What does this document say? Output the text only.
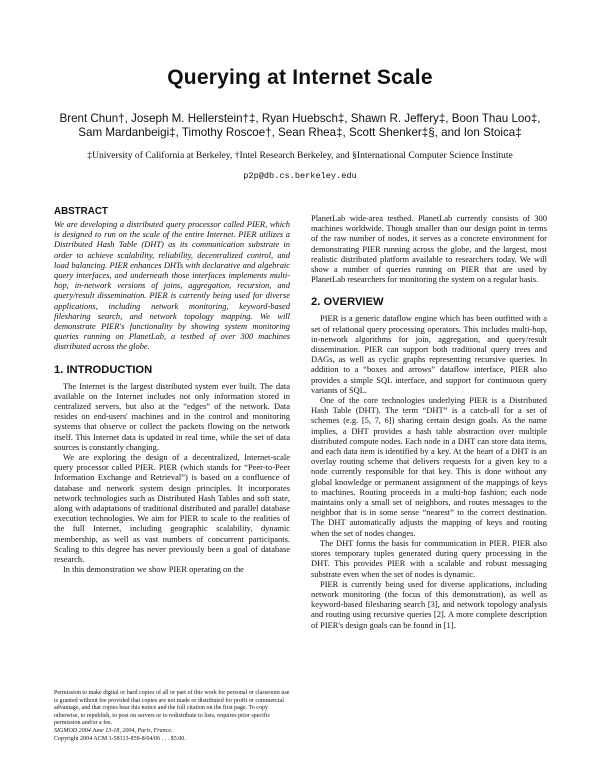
Querying at Internet Scale
Brent Chun†, Joseph M. Hellerstein†‡, Ryan Huebsch‡, Shawn R. Jeffery‡, Boon Thau Loo‡,
Sam Mardanbeigi‡, Timothy Roscoe†, Sean Rhea‡, Scott Shenker‡§, and Ion Stoica‡
‡University of California at Berkeley, †Intel Research Berkeley, and §International Computer Science Institute
p2p@db.cs.berkeley.edu
ABSTRACT

We are developing a distributed query processor called PIER, which is designed to run on the scale of the entire Internet. PIER utilizes a Distributed Hash Table (DHT) as its communication substrate in order to achieve scalability, reliability, decentralized control, and load balancing. PIER enhances DHTs with declarative and algebraic query interfaces, and underneath those interfaces implements multi-hop, in-network versions of joins, aggregation, recursion, and query/result dissemination. PIER is currently being used for diverse applications, including network monitoring, keyword-based filesharing search, and network topology mapping. We will demonstrate PIER's functionality by showing system monitoring queries running on PlanetLab, a testbed of over 300 machines distributed across the globe.

1. INTRODUCTION

The Internet is the largest distributed system ever built. The data available on the Internet includes not only information stored in centralized servers, but also at the “edges” of the network. Data resides on end-users' machines and in the control and monitoring systems that observe or collect the packets flowing on the network itself. This Internet data is updated in real time, while the set of data sources is constantly changing.

We are exploring the design of a decentralized, Internet-scale query processor called PIER. PIER (which stands for “Peer-to-Peer Information Exchange and Retrieval”) is based on a confluence of database and network system design principles. It incorporates network technologies such as Distributed Hash Tables and soft state, along with adaptations of traditional distributed and parallel database execution technologies. We aim for PIER to scale to the realities of the full Internet, including geographic scalability, dynamic membership, as well as vast numbers of concurrent participants. Scaling to this degree has never previously been a goal of database research.

In this demonstration we show PIER operating on the

PlanetLab wide-area testbed. PlanetLab currently consists of 300 machines worldwide. Though smaller than our design point in terms of the raw number of nodes, it serves as a concrete environment for demonstrating PIER running across the globe, and the largest, most realistic distributed platform available to researchers today. We will show a number of queries running on PIER that are used by PlanetLab researchers for monitoring the system on a regular basis.

2. OVERVIEW

PIER is a generic dataflow engine which has been outfitted with a set of relational query processing operators. This includes multi-hop, in-network algorithms for join, aggregation, and query/result dissemination. PIER can support both traditional query trees and DAGs, as well as cyclic graphs representing recursive queries. In addition to a “boxes and arrows” dataflow interface, PIER also provides a simple SQL interface, and support for continuous query variants of SQL.

One of the core technologies underlying PIER is a Distributed Hash Table (DHT). The term “DHT” is a catch-all for a set of schemes (e.g. [5, 7, 6]) sharing certain design goals. As the name implies, a DHT provides a hash table abstraction over multiple distributed compute nodes. Each node in a DHT can store data items, and each data item is identified by a key. At the heart of a DHT is an overlay routing scheme that delivers requests for a given key to a node currently responsible for that key. This is done without any global knowledge or permanent assignment of the mappings of keys to machines. Routing proceeds in a multi-hop fashion; each node maintains only a small set of neighbors, and routes messages to the neighbor that is in some sense “nearest” to the correct destination. The DHT automatically adjusts the mapping of keys and routing when the set of nodes changes.

The DHT forms the basis for communication in PIER. PIER also stores temporary tuples generated during query processing in the DHT. This provides PIER with a scalable and robust messaging substrate even when the set of nodes is dynamic.

PIER is currently being used for diverse applications, including network monitoring (the focus of this demonstration), as well as keyword-based filesharing search [3], and network topology analysis and routing using recursive queries [2]. A more complete description of PIER's design goals can be found in [1].

Permission to make digital or hard copies of all or part of this work for personal or classroom use is granted without fee provided that copies are not made or distributed for profit or commercial advantage, and that copies bear this notice and the full citation on the first page. To copy otherwise, to republish, to post on servers or to redistribute to lists, requires prior specific permission and/or a fee.

SIGMOD 2004 June 13-18, 2004, Paris, France.

Copyright 2004 ACM 1-58113-859-8/04/06 . . . $5.00.
